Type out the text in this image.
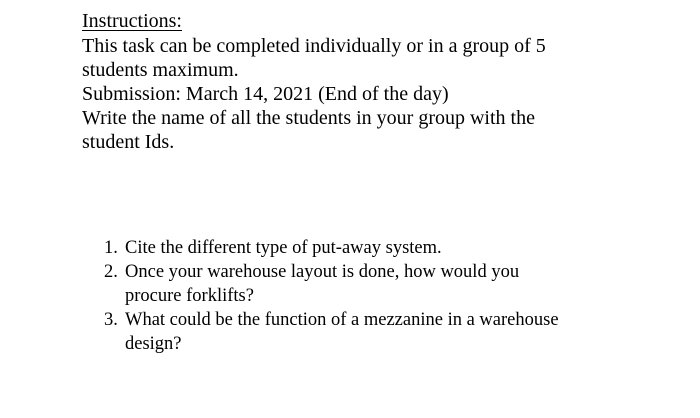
Instructions:

This task can be completed individually or in a group of 5
students maximum.
Submission: March 14, 2021 (End of the day)
Write the name of all the students in your group with the
student Ids.

1. Cite the different type of put-away system.
2. Once your warehouse layout is done, how would you
procure forklifts?
3. What could be the function of a mezzanine in a warehouse
design?
